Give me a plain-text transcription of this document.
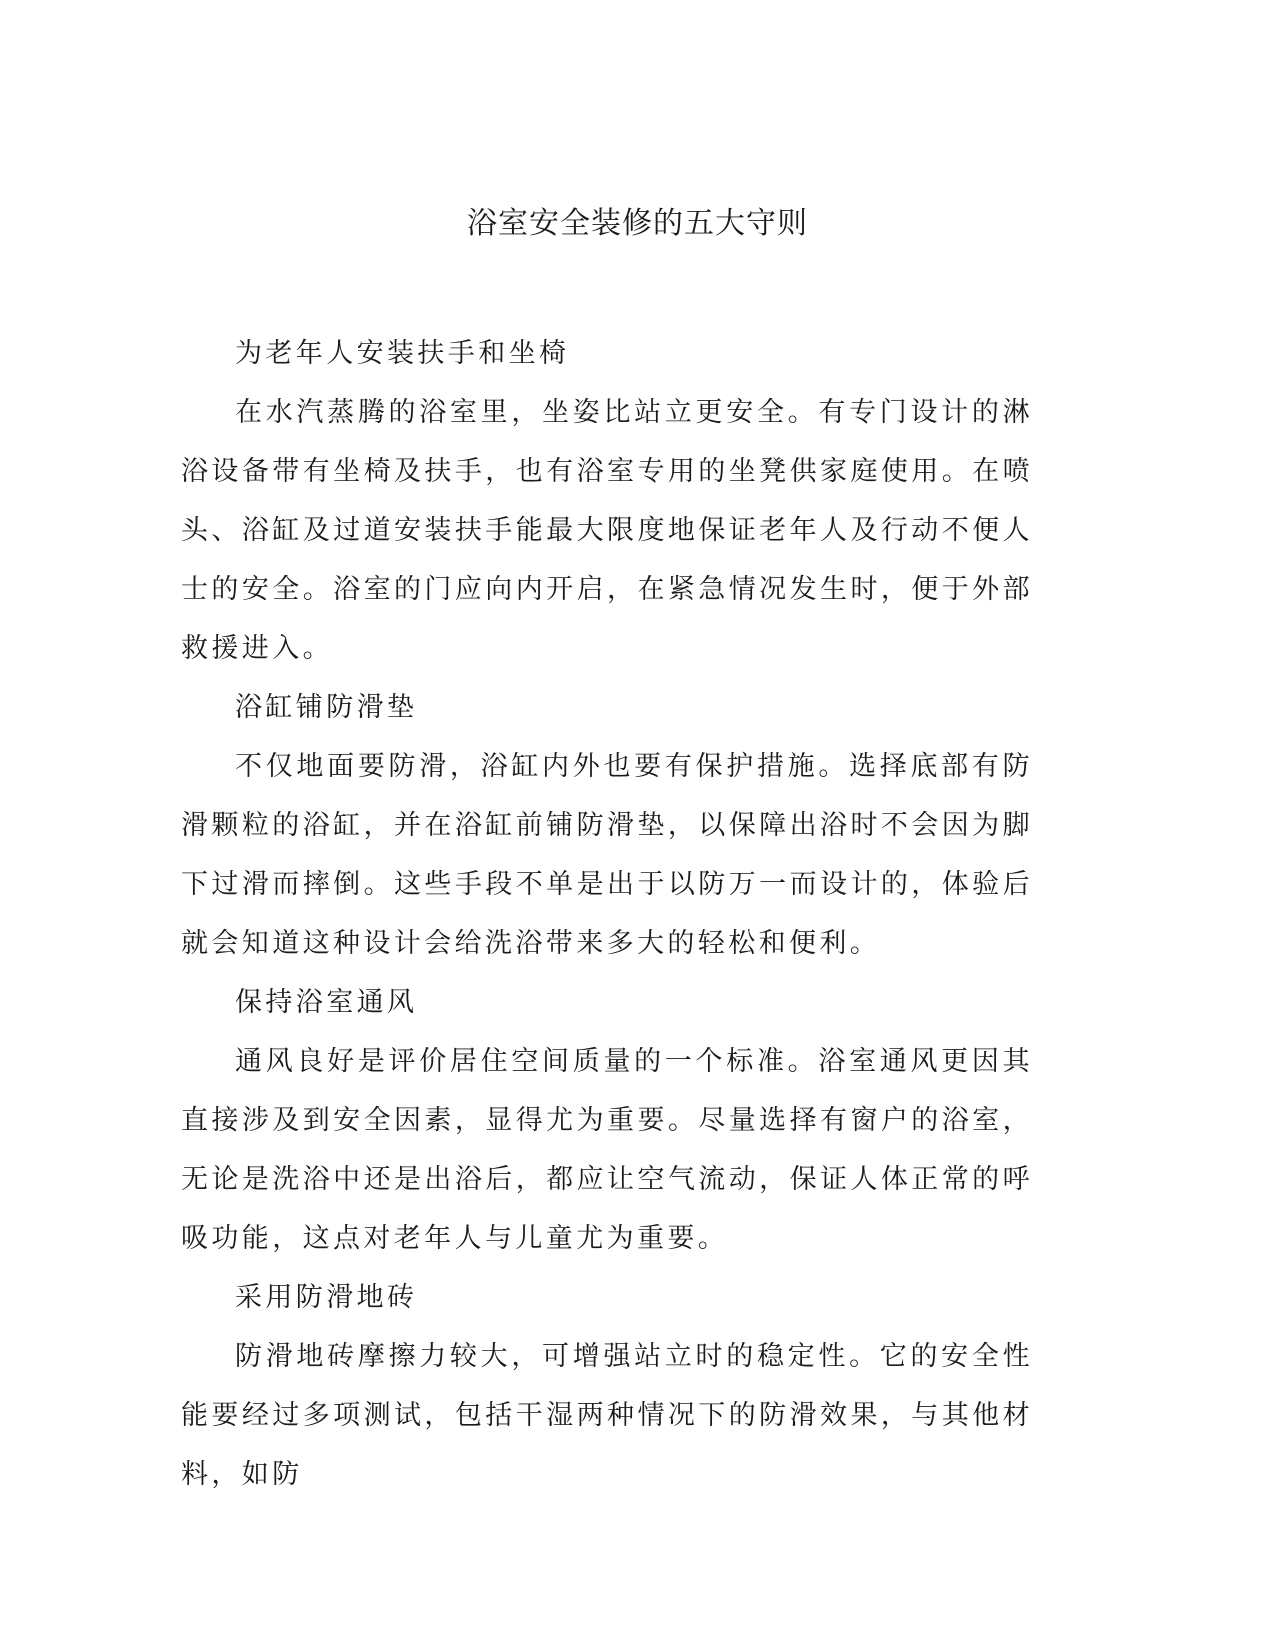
浴室安全装修的五大守则

为老年人安装扶手和坐椅

在水汽蒸腾的浴室里，坐姿比站立更安全。有专门设计的淋浴设备带有坐椅及扶手，也有浴室专用的坐凳供家庭使用。在喷头、浴缸及过道安装扶手能最大限度地保证老年人及行动不便人士的安全。浴室的门应向内开启，在紧急情况发生时，便于外部救援进入。

浴缸铺防滑垫

不仅地面要防滑，浴缸内外也要有保护措施。选择底部有防滑颗粒的浴缸，并在浴缸前铺防滑垫，以保障出浴时不会因为脚下过滑而摔倒。这些手段不单是出于以防万一而设计的，体验后就会知道这种设计会给洗浴带来多大的轻松和便利。

保持浴室通风

通风良好是评价居住空间质量的一个标准。浴室通风更因其直接涉及到安全因素，显得尤为重要。尽量选择有窗户的浴室，无论是洗浴中还是出浴后，都应让空气流动，保证人体正常的呼吸功能，这点对老年人与儿童尤为重要。

采用防滑地砖

防滑地砖摩擦力较大，可增强站立时的稳定性。它的安全性能要经过多项测试，包括干湿两种情况下的防滑效果，与其他材料，如防
